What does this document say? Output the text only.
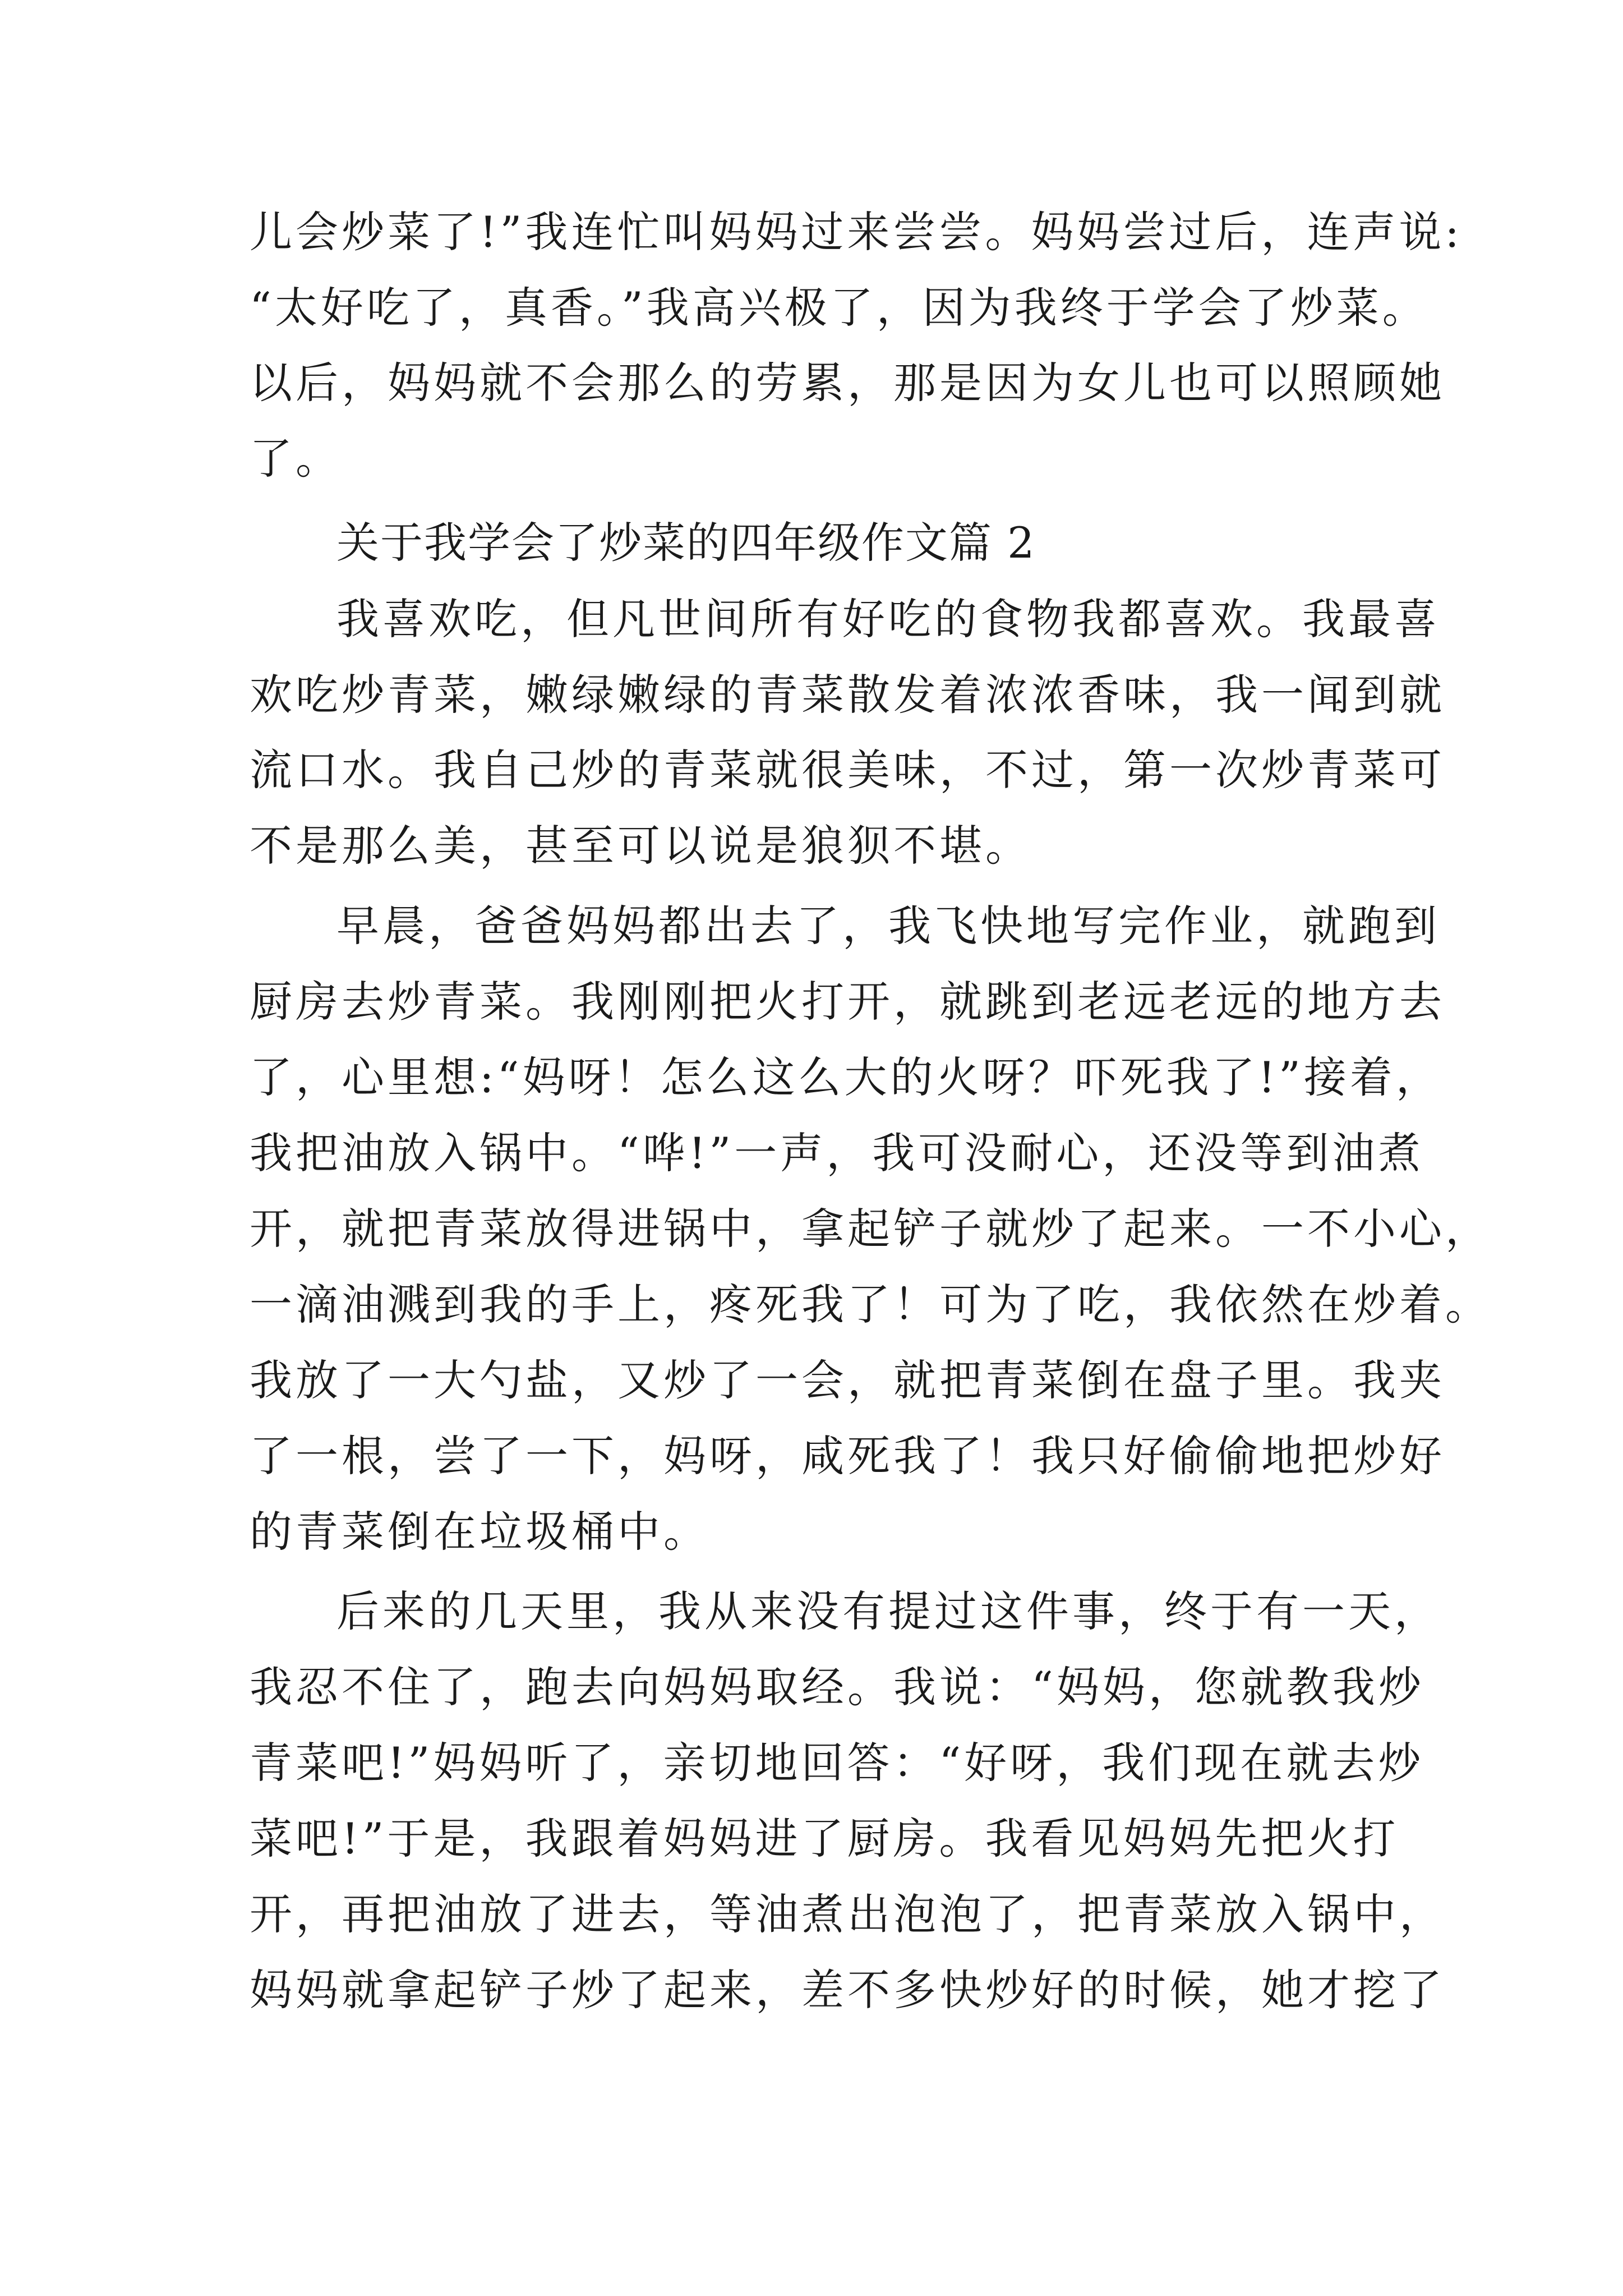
儿会炒菜了!”我连忙叫妈妈过来尝尝。妈妈尝过后，连声说:
“太好吃了，真香。”我高兴极了，因为我终于学会了炒菜。
以后，妈妈就不会那么的劳累，那是因为女儿也可以照顾她
了。
关于我学会了炒菜的四年级作文篇 2
我喜欢吃，但凡世间所有好吃的食物我都喜欢。我最喜
欢吃炒青菜，嫩绿嫩绿的青菜散发着浓浓香味，我一闻到就
流口水。我自己炒的青菜就很美味，不过，第一次炒青菜可
不是那么美，甚至可以说是狼狈不堪。
早晨，爸爸妈妈都出去了，我飞快地写完作业，就跑到
厨房去炒青菜。我刚刚把火打开，就跳到老远老远的地方去
了，心里想:“妈呀！怎么这么大的火呀？吓死我了!”接着，
我把油放入锅中。“哗!”一声，我可没耐心，还没等到油煮
开，就把青菜放得进锅中，拿起铲子就炒了起来。一不小心，
一滴油溅到我的手上，疼死我了！可为了吃，我依然在炒着。
我放了一大勺盐，又炒了一会，就把青菜倒在盘子里。我夹
了一根，尝了一下，妈呀，咸死我了！我只好偷偷地把炒好
的青菜倒在垃圾桶中。
后来的几天里，我从来没有提过这件事，终于有一天，
我忍不住了，跑去向妈妈取经。我说：“妈妈，您就教我炒
青菜吧!”妈妈听了，亲切地回答：“好呀，我们现在就去炒
菜吧!”于是，我跟着妈妈进了厨房。我看见妈妈先把火打
开，再把油放了进去，等油煮出泡泡了，把青菜放入锅中，
妈妈就拿起铲子炒了起来，差不多快炒好的时候，她才挖了
